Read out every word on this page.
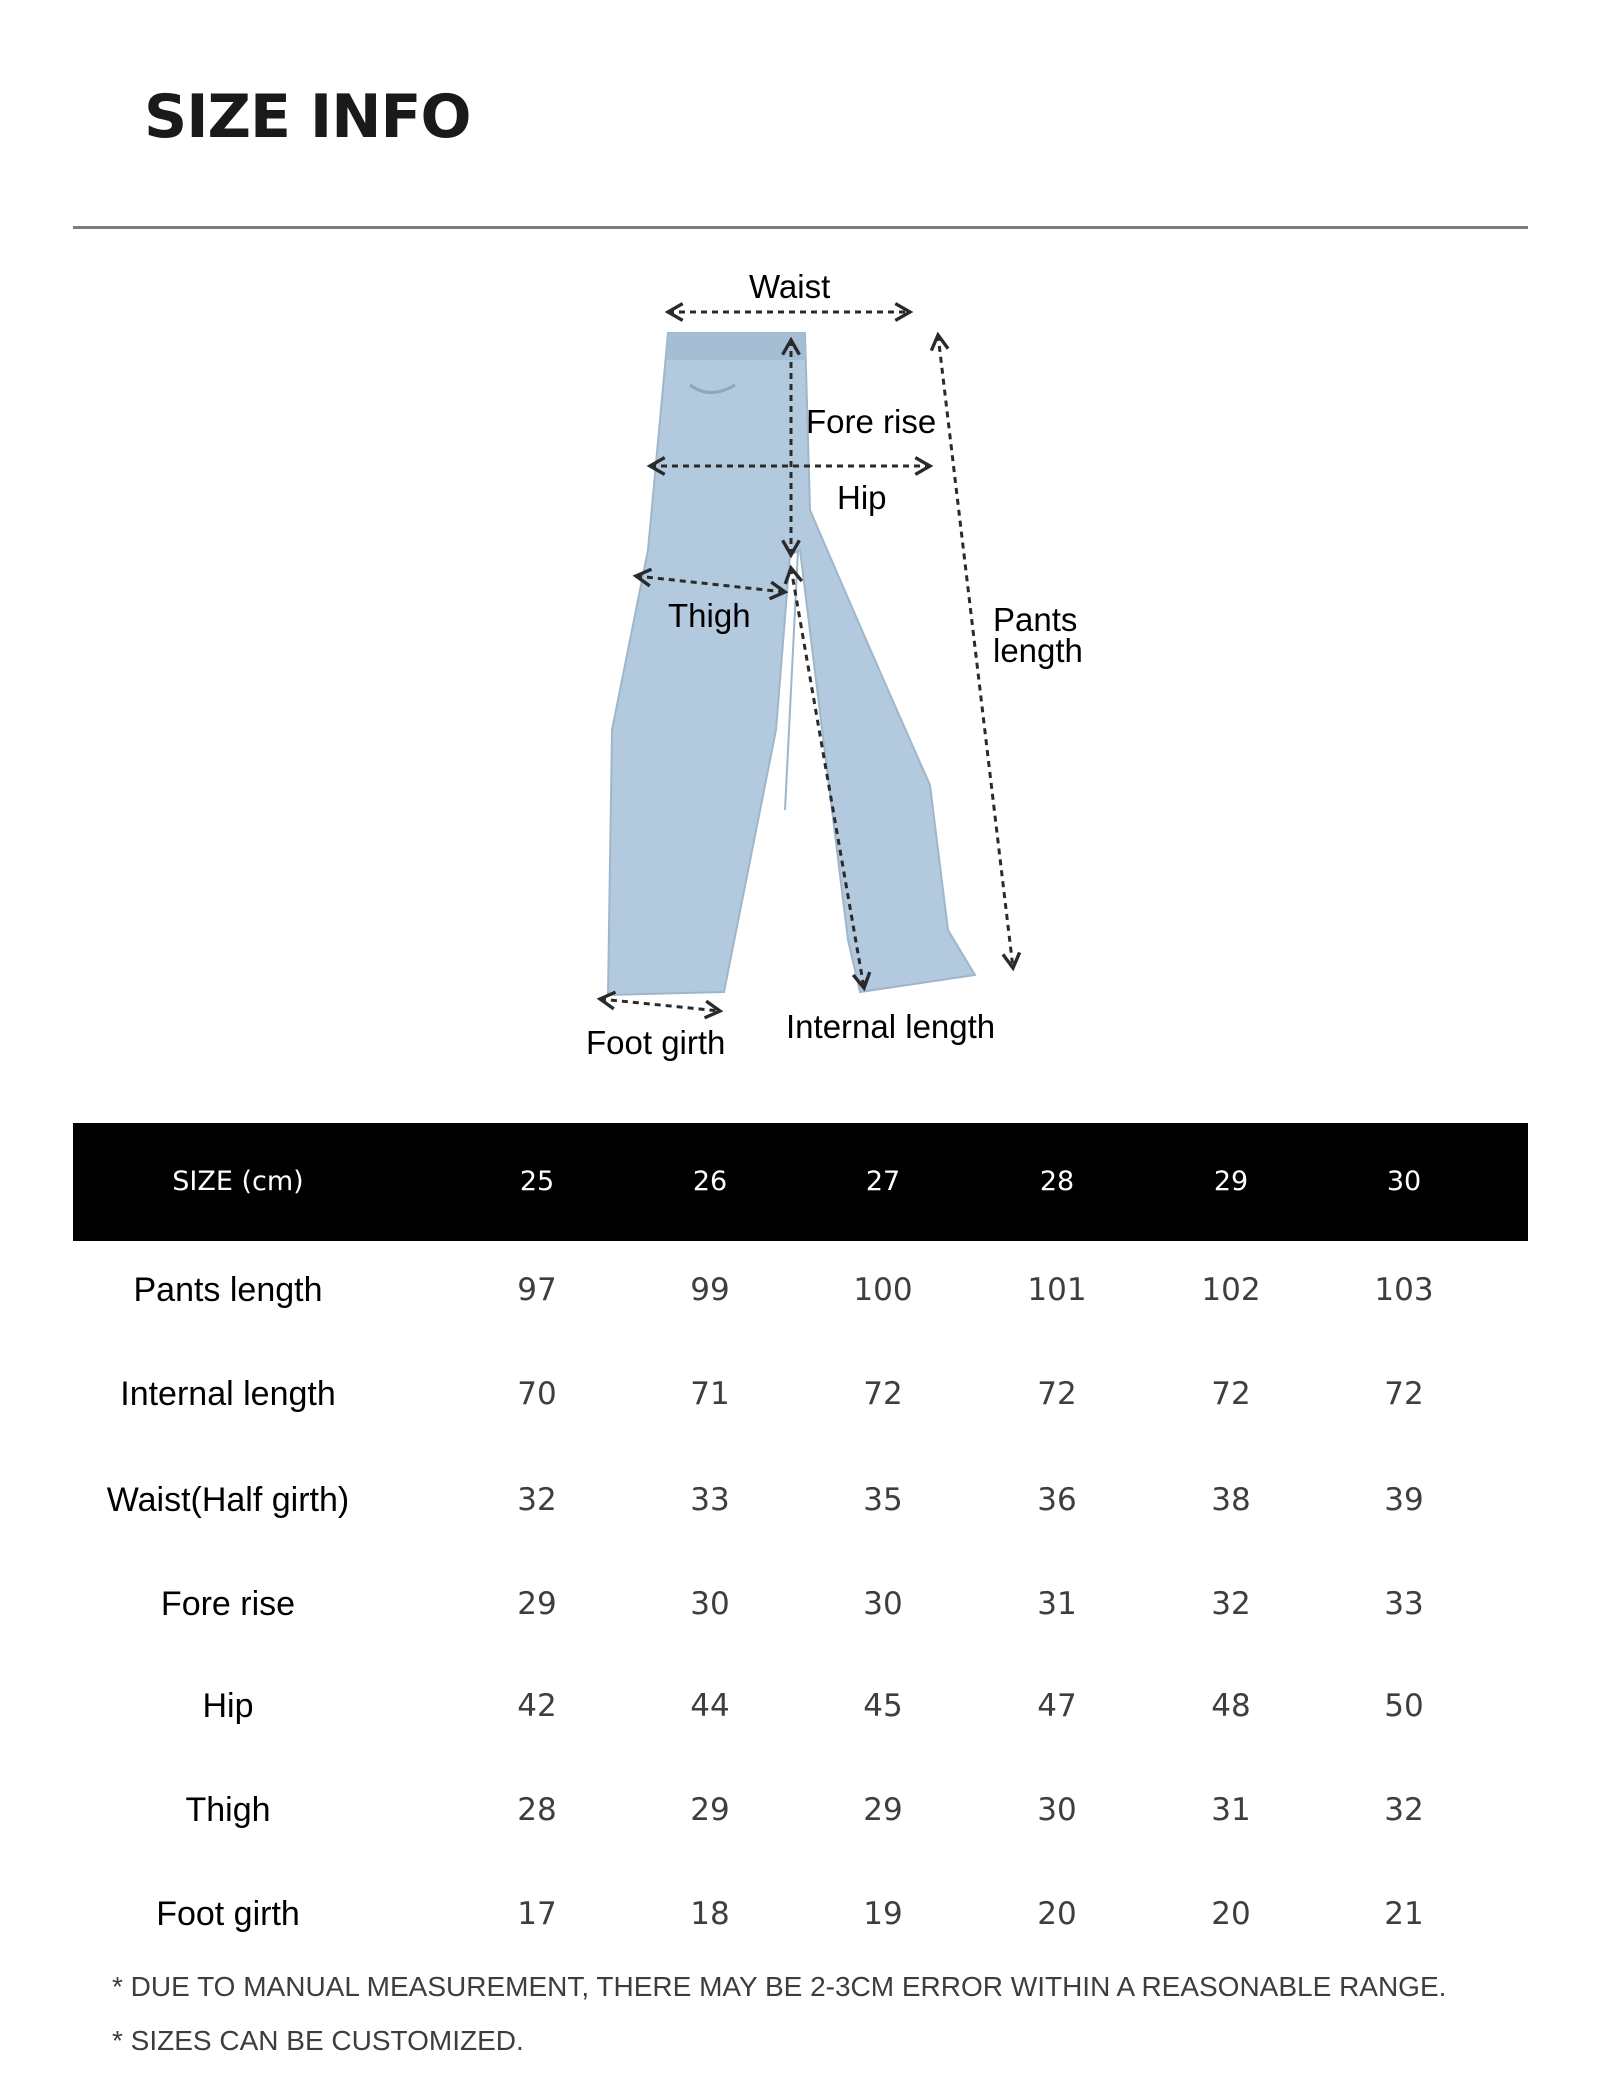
SIZE INFO
Waist
Fore rise
Hip
Thigh	Pants length
Foot girth Internal length
SIZE (cm)	25	26	27	28	29	30
Pants length	97	99	100	101	102	103
Internal length	70	71	72	72	72	72
Waist(Half girth)	32	33	35	36	38	39
Fore rise	29	30	30	31	32	33
Hip	42	44	45	47	48	50
Thigh	28	29	29	30	31	32
Foot girth	17	18	19	20	20	21
* DUE TO MANUAL MEASUREMENT, THERE MAY BE 2-3CM ERROR WITHIN A REASONABLE RANGE.
* SIZES CAN BE CUSTOMIZED.
